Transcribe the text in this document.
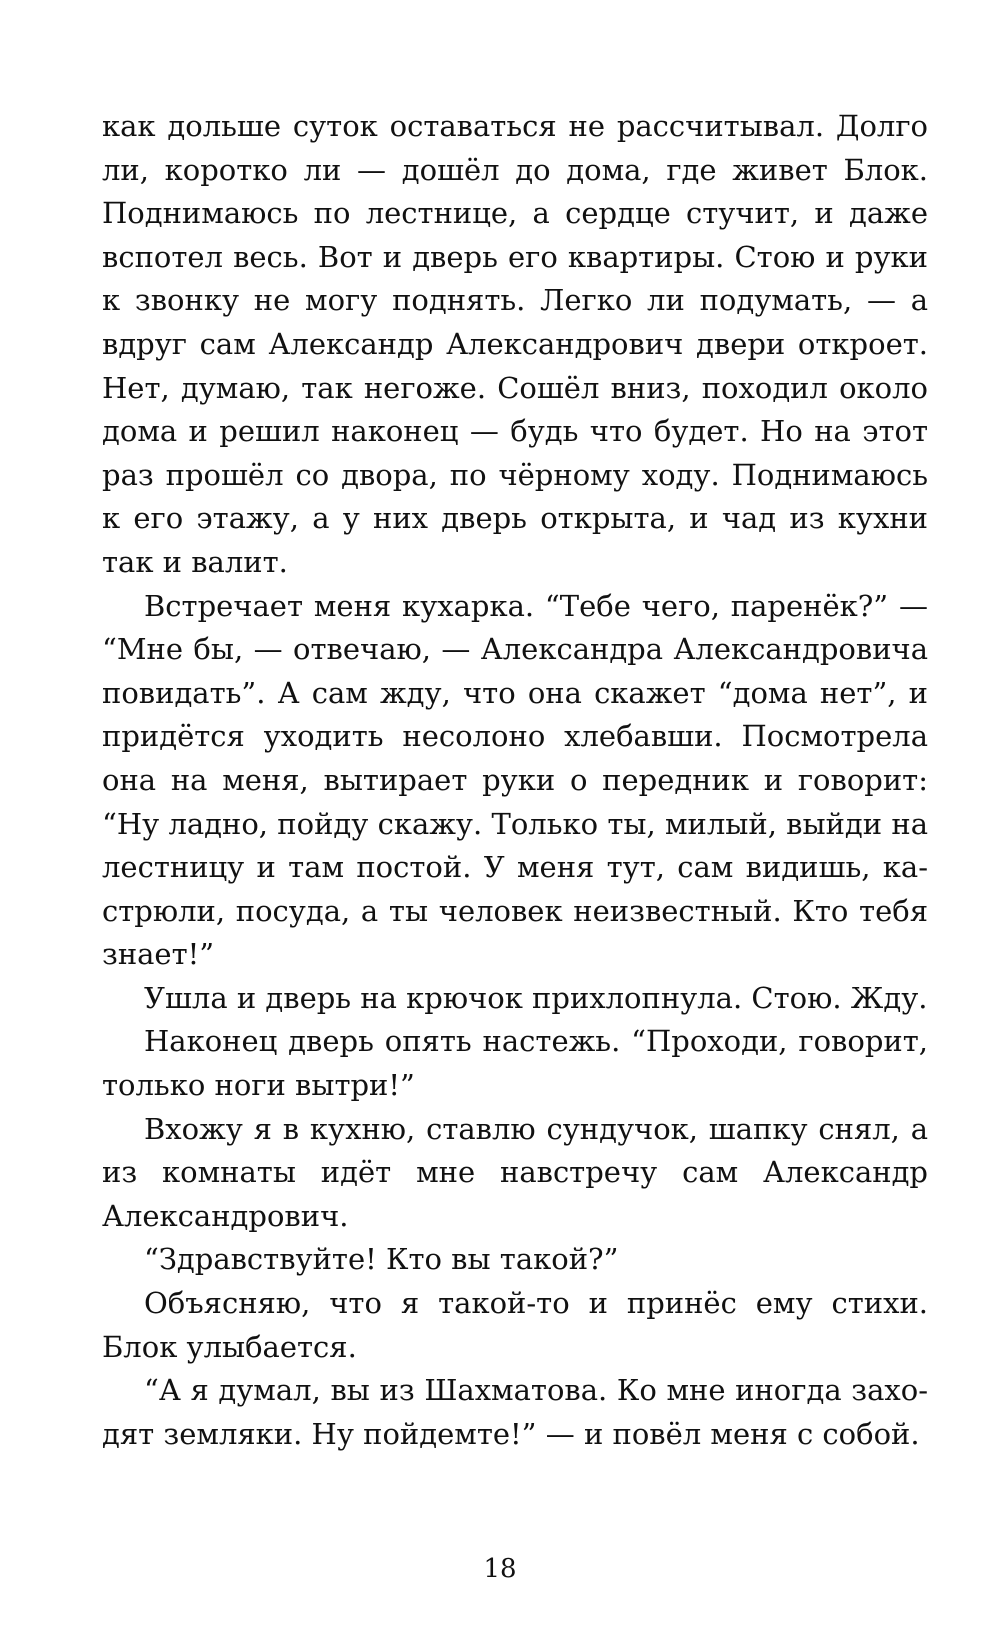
как дольше суток оставаться не рассчитывал. Долго ли, коротко ли — дошёл до дома, где живет Блок. Поднимаюсь по лестнице, а сердце стучит, и даже вспотел весь. Вот и дверь его квартиры. Стою и руки к звонку не могу поднять. Легко ли подумать, — а вдруг сам Александр Александрович двери откроет. Нет, думаю, так негоже. Сошёл вниз, походил около дома и решил наконец — будь что будет. Но на этот раз прошёл со двора, по чёрному ходу. Поднимаюсь к его этажу, а у них дверь открыта, и чад из кухни так и валит.

Встречает меня кухарка. “Тебе чего, паренёк?” — “Мне бы, — отвечаю, — Александра Александровича повидать”. А сам жду, что она скажет “дома нет”, и придётся уходить несолоно хлебавши. Посмотрела она на меня, вытирает руки о передник и говорит: “Ну ладно, пойду скажу. Только ты, милый, выйди на лестницу и там постой. У меня тут, сам видишь, кастрюли, посуда, а ты человек неизвестный. Кто тебя знает!”

Ушла и дверь на крючок прихлопнула. Стою. Жду.

Наконец дверь опять настежь. “Проходи, говорит, только ноги вытри!”

Вхожу я в кухню, ставлю сундучок, шапку снял, а из комнаты идёт мне навстречу сам Александр Александрович.

“Здравствуйте! Кто вы такой?”

Объясняю, что я такой-то и принёс ему стихи. Блок улыбается.

“А я думал, вы из Шахматова. Ко мне иногда заходят земляки. Ну пойдемте!” — и повёл меня с собой.

18
